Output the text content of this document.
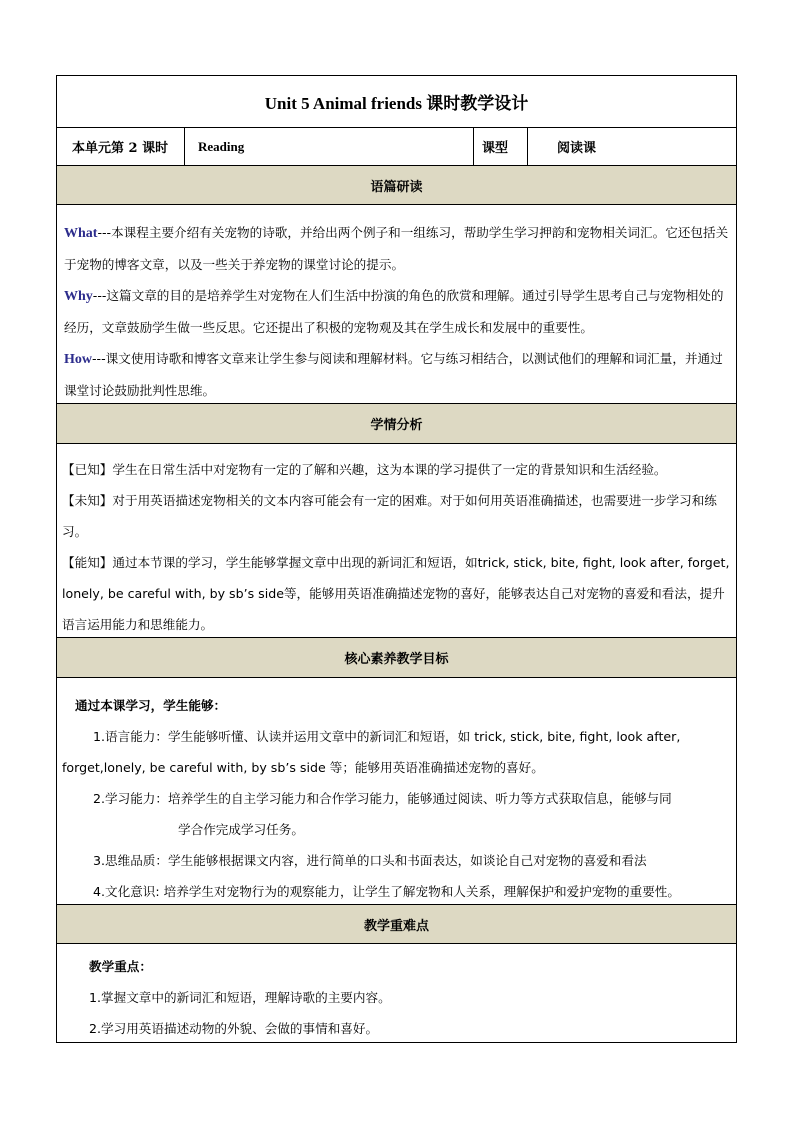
Unit 5 Animal friends 课时教学设计
本单元第 2 课时	Reading	课型	阅读课
语篇研读

What---本课程主要介绍有关宠物的诗歌，并给出两个例子和一组练习，帮助学生学习押韵和宠物相关词汇。它还包括关于宠物的博客文章，以及一些关于养宠物的课堂讨论的提示。

Why---这篇文章的目的是培养学生对宠物在人们生活中扮演的角色的欣赏和理解。通过引导学生思考自己与宠物相处的经历，文章鼓励学生做一些反思。它还提出了积极的宠物观及其在学生成长和发展中的重要性。

How---课文使用诗歌和博客文章来让学生参与阅读和理解材料。它与练习相结合，以测试他们的理解和词汇量，并通过课堂讨论鼓励批判性思维。

学情分析

【已知】学生在日常生活中对宠物有一定的了解和兴趣，这为本课的学习提供了一定的背景知识和生活经验。

【未知】对于用英语描述宠物相关的文本内容可能会有一定的困难。对于如何用英语准确描述，也需要进一步学习和练习。

【能知】通过本节课的学习，学生能够掌握文章中出现的新词汇和短语，如trick, stick, bite, fight, look after, forget, lonely, be careful with, by sb’s side等，能够用英语准确描述宠物的喜好，能够表达自己对宠物的喜爱和看法，提升语言运用能力和思维能力。

核心素养教学目标

通过本课学习，学生能够：

1.语言能力：学生能够听懂、认读并运用文章中的新词汇和短语，如 trick, stick, bite, fight, look after,

forget,lonely, be careful with, by sb’s side 等；能够用英语准确描述宠物的喜好。

2.学习能力：培养学生的自主学习能力和合作学习能力，能够通过阅读、听力等方式获取信息，能够与同

学合作完成学习任务。

3.思维品质：学生能够根据课文内容，进行简单的口头和书面表达，如谈论自己对宠物的喜爱和看法

4.文化意识: 培养学生对宠物行为的观察能力，让学生了解宠物和人关系，理解保护和爱护宠物的重要性。

教学重难点

教学重点：

1.掌握文章中的新词汇和短语，理解诗歌的主要内容。

2.学习用英语描述动物的外貌、会做的事情和喜好。
